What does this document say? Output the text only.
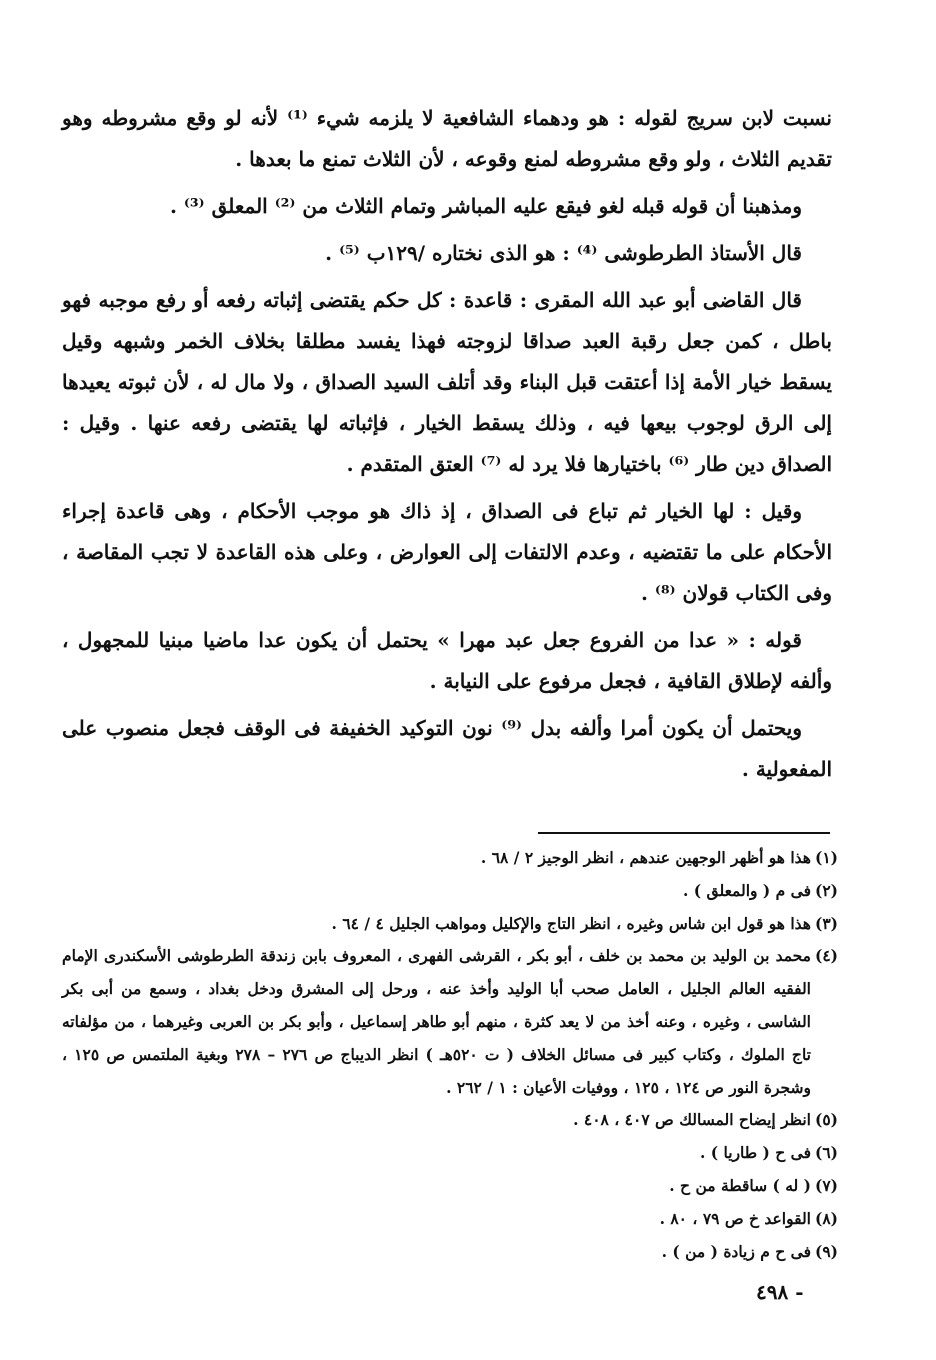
نسبت لابن سريج لقوله : هو ودهماء الشافعية لا يلزمه شيء ⁽¹⁾ لأنه لو وقع مشروطه وهو تقديم الثلاث ، ولو وقع مشروطه لمنع وقوعه ، لأن الثلاث تمنع ما بعدها .

ومذهبنا أن قوله قبله لغو فيقع عليه المباشر وتمام الثلاث من ⁽²⁾ المعلق ⁽³⁾ .

قال الأستاذ الطرطوشى ⁽⁴⁾ : هو الذى نختاره /١٢٩ب ⁽⁵⁾ .

قال القاضى أبو عبد الله المقرى : قاعدة : كل حكم يقتضى إثباته رفعه أو رفع موجبه فهو باطل ، كمن جعل رقبة العبد صداقا لزوجته فهذا يفسد مطلقا بخلاف الخمر وشبهه وقيل يسقط خيار الأمة إذا أعتقت قبل البناء وقد أتلف السيد الصداق ، ولا مال له ، لأن ثبوته يعيدها إلى الرق لوجوب بيعها فيه ، وذلك يسقط الخيار ، فإثباته لها يقتضى رفعه عنها . وقيل : الصداق دين طار ⁽⁶⁾ باختيارها فلا يرد له ⁽⁷⁾ العتق المتقدم .

وقيل : لها الخيار ثم تباع فى الصداق ، إذ ذاك هو موجب الأحكام ، وهى قاعدة إجراء الأحكام على ما تقتضيه ، وعدم الالتفات إلى العوارض ، وعلى هذه القاعدة لا تجب المقاصة ، وفى الكتاب قولان ⁽⁸⁾ .

قوله : « عدا من الفروع جعل عبد مهرا » يحتمل أن يكون عدا ماضيا مبنيا للمجهول ، وألفه لإطلاق القافية ، فجعل مرفوع على النيابة .

ويحتمل أن يكون أمرا وألفه بدل ⁽⁹⁾ نون التوكيد الخفيفة فى الوقف فجعل منصوب على المفعولية .

(١)
هذا هو أظهر الوجهين عندهم ، انظر الوجيز ٢ / ٦٨ .
(٢)
فى م ( والمعلق ) .
(٣)
هذا هو قول ابن شاس وغيره ، انظر التاج والإكليل ومواهب الجليل ٤ / ٦٤ .
(٤)
محمد بن الوليد بن محمد بن خلف ، أبو بكر ، القرشى الفهرى ، المعروف بابن زندقة الطرطوشى الأسكندرى الإمام الفقيه العالم الجليل ، العامل صحب أبا الوليد وأخذ عنه ، ورحل إلى المشرق ودخل بغداد ، وسمع من أبى بكر الشاسى ، وغيره ، وعنه أخذ من لا يعد كثرة ، منهم أبو طاهر إسماعيل ، وأبو بكر بن العربى وغيرهما ، من مؤلفاته تاج الملوك ، وكتاب كبير فى مسائل الخلاف ( ت ٥٢٠هـ ) انظر الديباج ص ٢٧٦ – ٢٧٨ وبغية الملتمس ص ١٢٥ ، وشجرة النور ص ١٢٤ ، ١٢٥ ، ووفيات الأعيان : ١ / ٢٦٢ .
(٥)
انظر إيضاح المسالك ص ٤٠٧ ، ٤٠٨ .
(٦)
فى ح ( طاريا ) .
(٧)
( له ) ساقطة من ح .
(٨)
القواعد خ ص ٧٩ ، ٨٠ .
(٩)
فى ح م زيادة ( من ) .
- ٤٩٨
